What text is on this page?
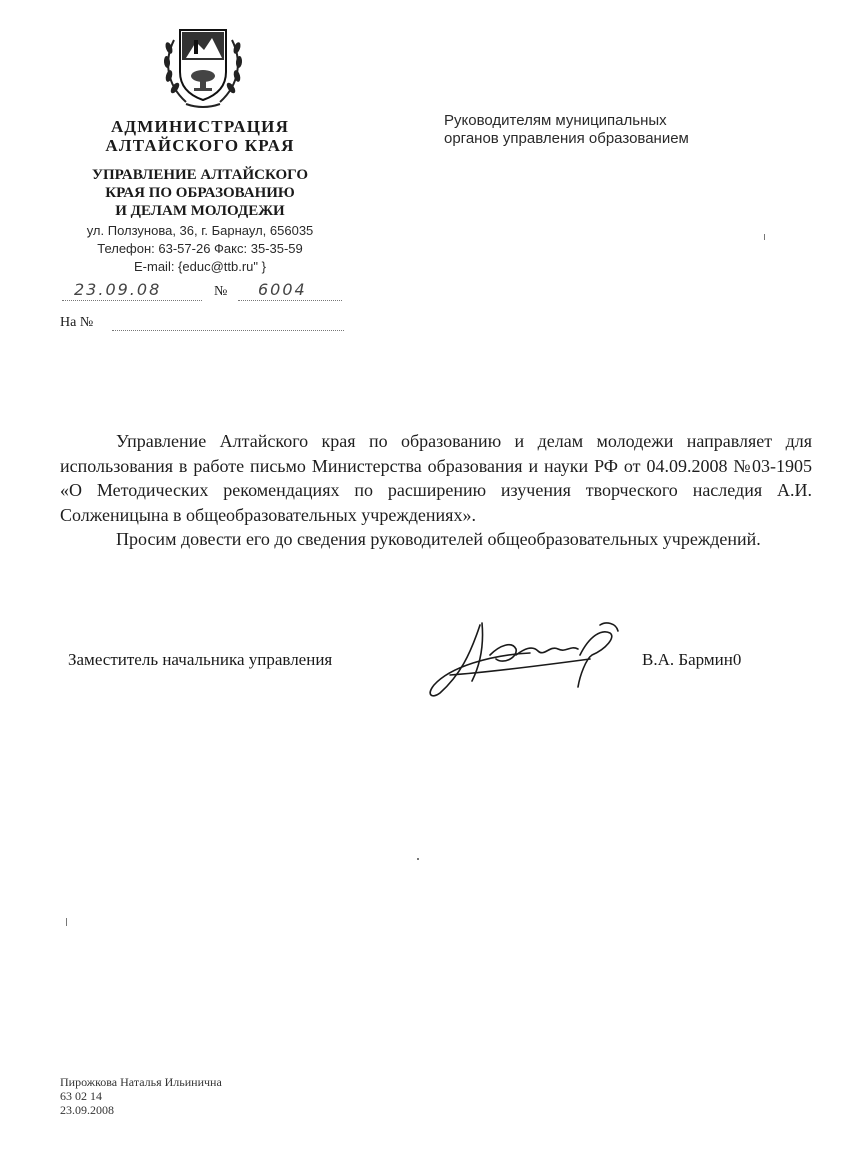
АДМИНИСТРАЦИЯ
АЛТАЙСКОГО КРАЯ
УПРАВЛЕНИЕ АЛТАЙСКОГО
КРАЯ ПО ОБРАЗОВАНИЮ
И ДЕЛАМ МОЛОДЕЖИ
ул. Ползунова, 36, г. Барнаул, 656035
Телефон: 63-57-26 Факс: 35-35-59
E-mail: {educ@ttb.ru" }
23.09.08	№ 6004
На №
Руководителям муниципальных
органов управления образованием

Управление Алтайского края по образованию и делам молодежи направляет для использования в работе письмо Министерства образования и науки РФ от 04.09.2008 №03-1905 «О Методических рекомендациях по расширению изучения творческого наследия А.И. Солженицына в общеобразовательных учреждениях».

Просим довести его до сведения руководителей общеобразовательных учреждений.

Заместитель начальника управления	В.А. Бармин0
Пирожкова Наталья Ильинична
63 02 14
23.09.2008
